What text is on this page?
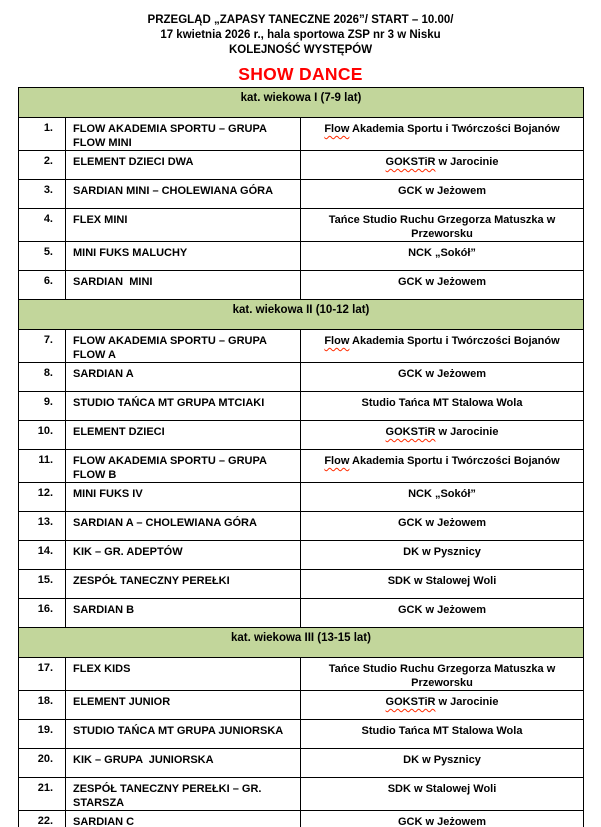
PRZEGLĄD „ZAPASY TANECZNE 2026”/ START – 10.00/
17 kwietnia 2026 r., hala sportowa ZSP nr 3 w Nisku
KOLEJNOŚĆ WYSTĘPÓW
SHOW DANCE
kat. wiekowa I (7-9 lat)		
1.	FLOW AKADEMIA SPORTU – GRUPA FLOW MINI	Flow Akademia Sportu i Twórczości Bojanów
2.	ELEMENT DZIECI DWA	GOKSTiR w Jarocinie
3.	SARDIAN MINI – CHOLEWIANA GÓRA	GCK w Jeżowem
4.	FLEX MINI	Tańce Studio Ruchu Grzegorza Matuszka w Przeworsku
5.	MINI FUKS MALUCHY	NCK „Sokół”
6.	SARDIAN  MINI	GCK w Jeżowem
kat. wiekowa II (10-12 lat)		
7.	FLOW AKADEMIA SPORTU – GRUPA FLOW A	Flow Akademia Sportu i Twórczości Bojanów
8.	SARDIAN A	GCK w Jeżowem
9.	STUDIO TAŃCA MT GRUPA MTCIAKI	Studio Tańca MT Stalowa Wola
10.	ELEMENT DZIECI	GOKSTiR w Jarocinie
11.	FLOW AKADEMIA SPORTU – GRUPA FLOW B	Flow Akademia Sportu i Twórczości Bojanów
12.	MINI FUKS IV	NCK „Sokół”
13.	SARDIAN A – CHOLEWIANA GÓRA	GCK w Jeżowem
14.	KIK – GR. ADEPTÓW	DK w Pysznicy
15.	ZESPÓŁ TANECZNY PEREŁKI	SDK w Stalowej Woli
16.	SARDIAN B	GCK w Jeżowem
kat. wiekowa III (13-15 lat)		
17.	FLEX KIDS	Tańce Studio Ruchu Grzegorza Matuszka w Przeworsku
18.	ELEMENT JUNIOR	GOKSTiR w Jarocinie
19.	STUDIO TAŃCA MT GRUPA JUNIORSKA	Studio Tańca MT Stalowa Wola
20.	KIK – GRUPA  JUNIORSKA	DK w Pysznicy
21.	ZESPÓŁ TANECZNY PEREŁKI – GR. STARSZA	SDK w Stalowej Woli
22.	SARDIAN C	GCK w Jeżowem
